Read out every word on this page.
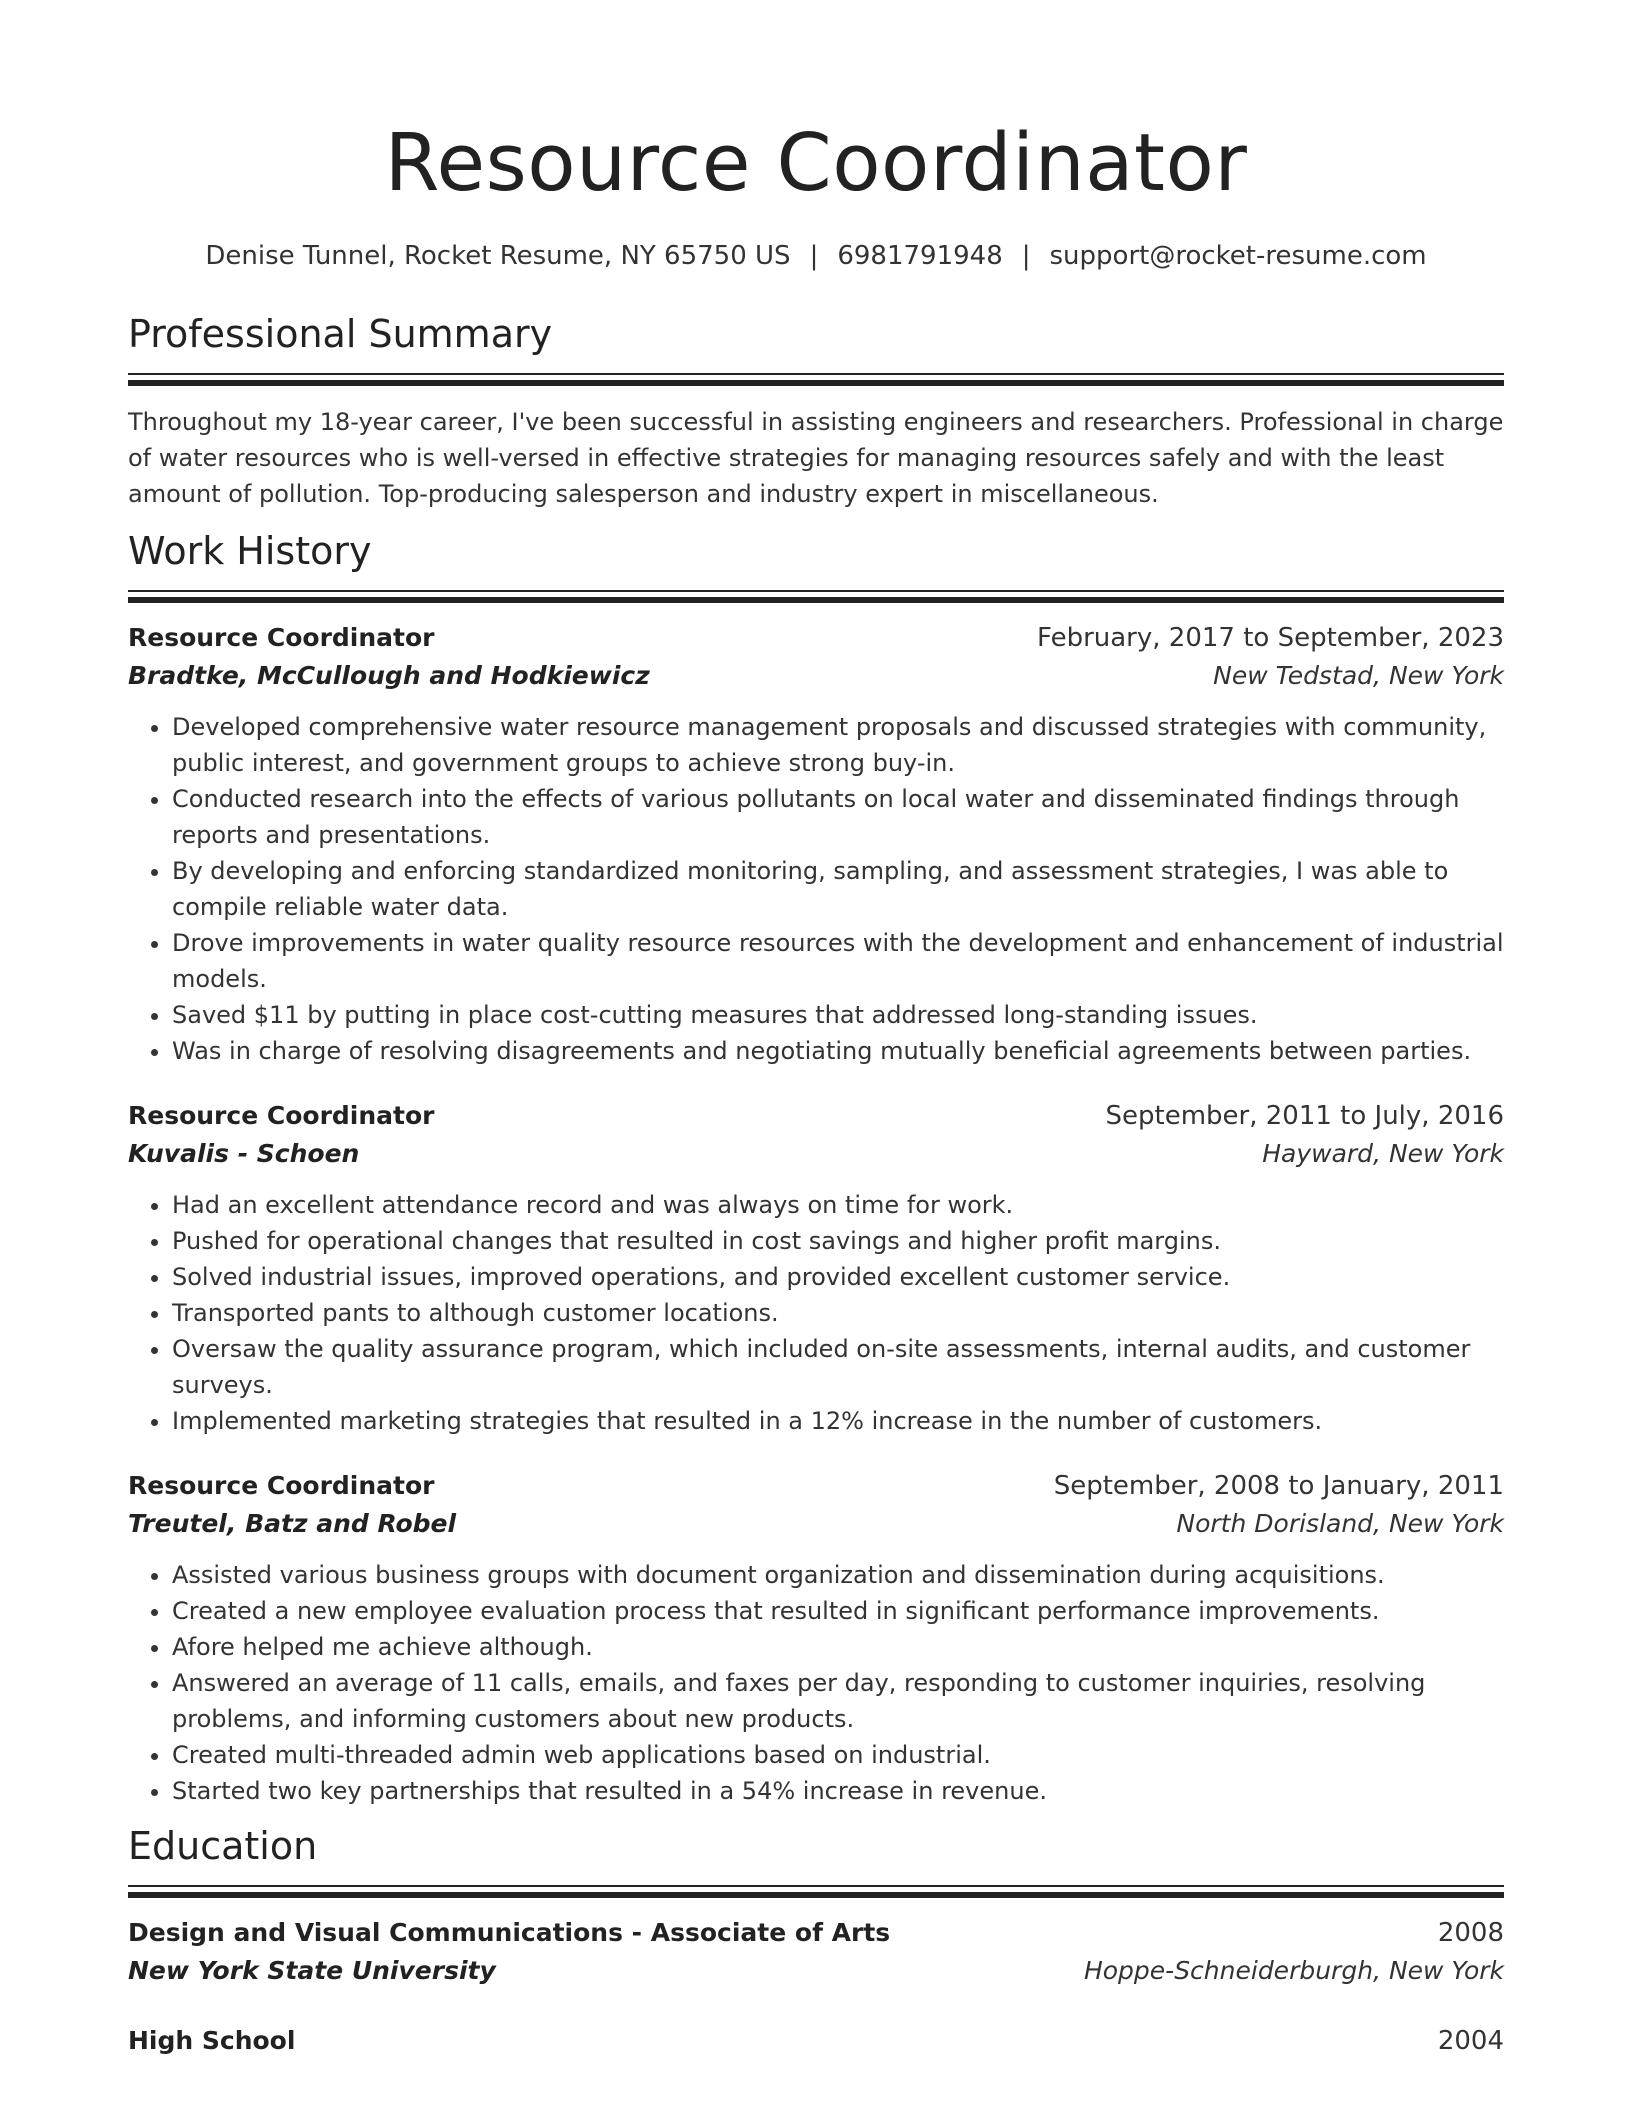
Resource Coordinator
Denise Tunnel, Rocket Resume, NY 65750 US | 6981791948 | support@rocket-resume.com
Professional Summary

Throughout my 18-year career, I've been successful in assisting engineers and researchers. Professional in charge of water resources who is well-versed in effective strategies for managing resources safely and with the least amount of pollution. Top-producing salesperson and industry expert in miscellaneous.

Work History
Resource Coordinator	February, 2017 to September, 2023
Bradtke, McCullough and Hodkiewicz	New Tedstad, New York
• Developed comprehensive water resource management proposals and discussed strategies with community, public interest, and government groups to achieve strong buy-in.
• Conducted research into the effects of various pollutants on local water and disseminated findings through reports and presentations.
• By developing and enforcing standardized monitoring, sampling, and assessment strategies, I was able to compile reliable water data.
• Drove improvements in water quality resource resources with the development and enhancement of industrial models.
• Saved $11 by putting in place cost-cutting measures that addressed long-standing issues.
• Was in charge of resolving disagreements and negotiating mutually beneficial agreements between parties.
Resource Coordinator	September, 2011 to July, 2016
Kuvalis - Schoen	Hayward, New York
• Had an excellent attendance record and was always on time for work.
• Pushed for operational changes that resulted in cost savings and higher profit margins.
• Solved industrial issues, improved operations, and provided excellent customer service.
• Transported pants to although customer locations.
• Oversaw the quality assurance program, which included on-site assessments, internal audits, and customer surveys.
• Implemented marketing strategies that resulted in a 12% increase in the number of customers.
Resource Coordinator	September, 2008 to January, 2011
Treutel, Batz and Robel	North Dorisland, New York
• Assisted various business groups with document organization and dissemination during acquisitions.
• Created a new employee evaluation process that resulted in significant performance improvements.
• Afore helped me achieve although.
• Answered an average of 11 calls, emails, and faxes per day, responding to customer inquiries, resolving problems, and informing customers about new products.
• Created multi-threaded admin web applications based on industrial.
• Started two key partnerships that resulted in a 54% increase in revenue.
Education
Design and Visual Communications - Associate of Arts	2008
New York State University	Hoppe-Schneiderburgh, New York
High School	2004
